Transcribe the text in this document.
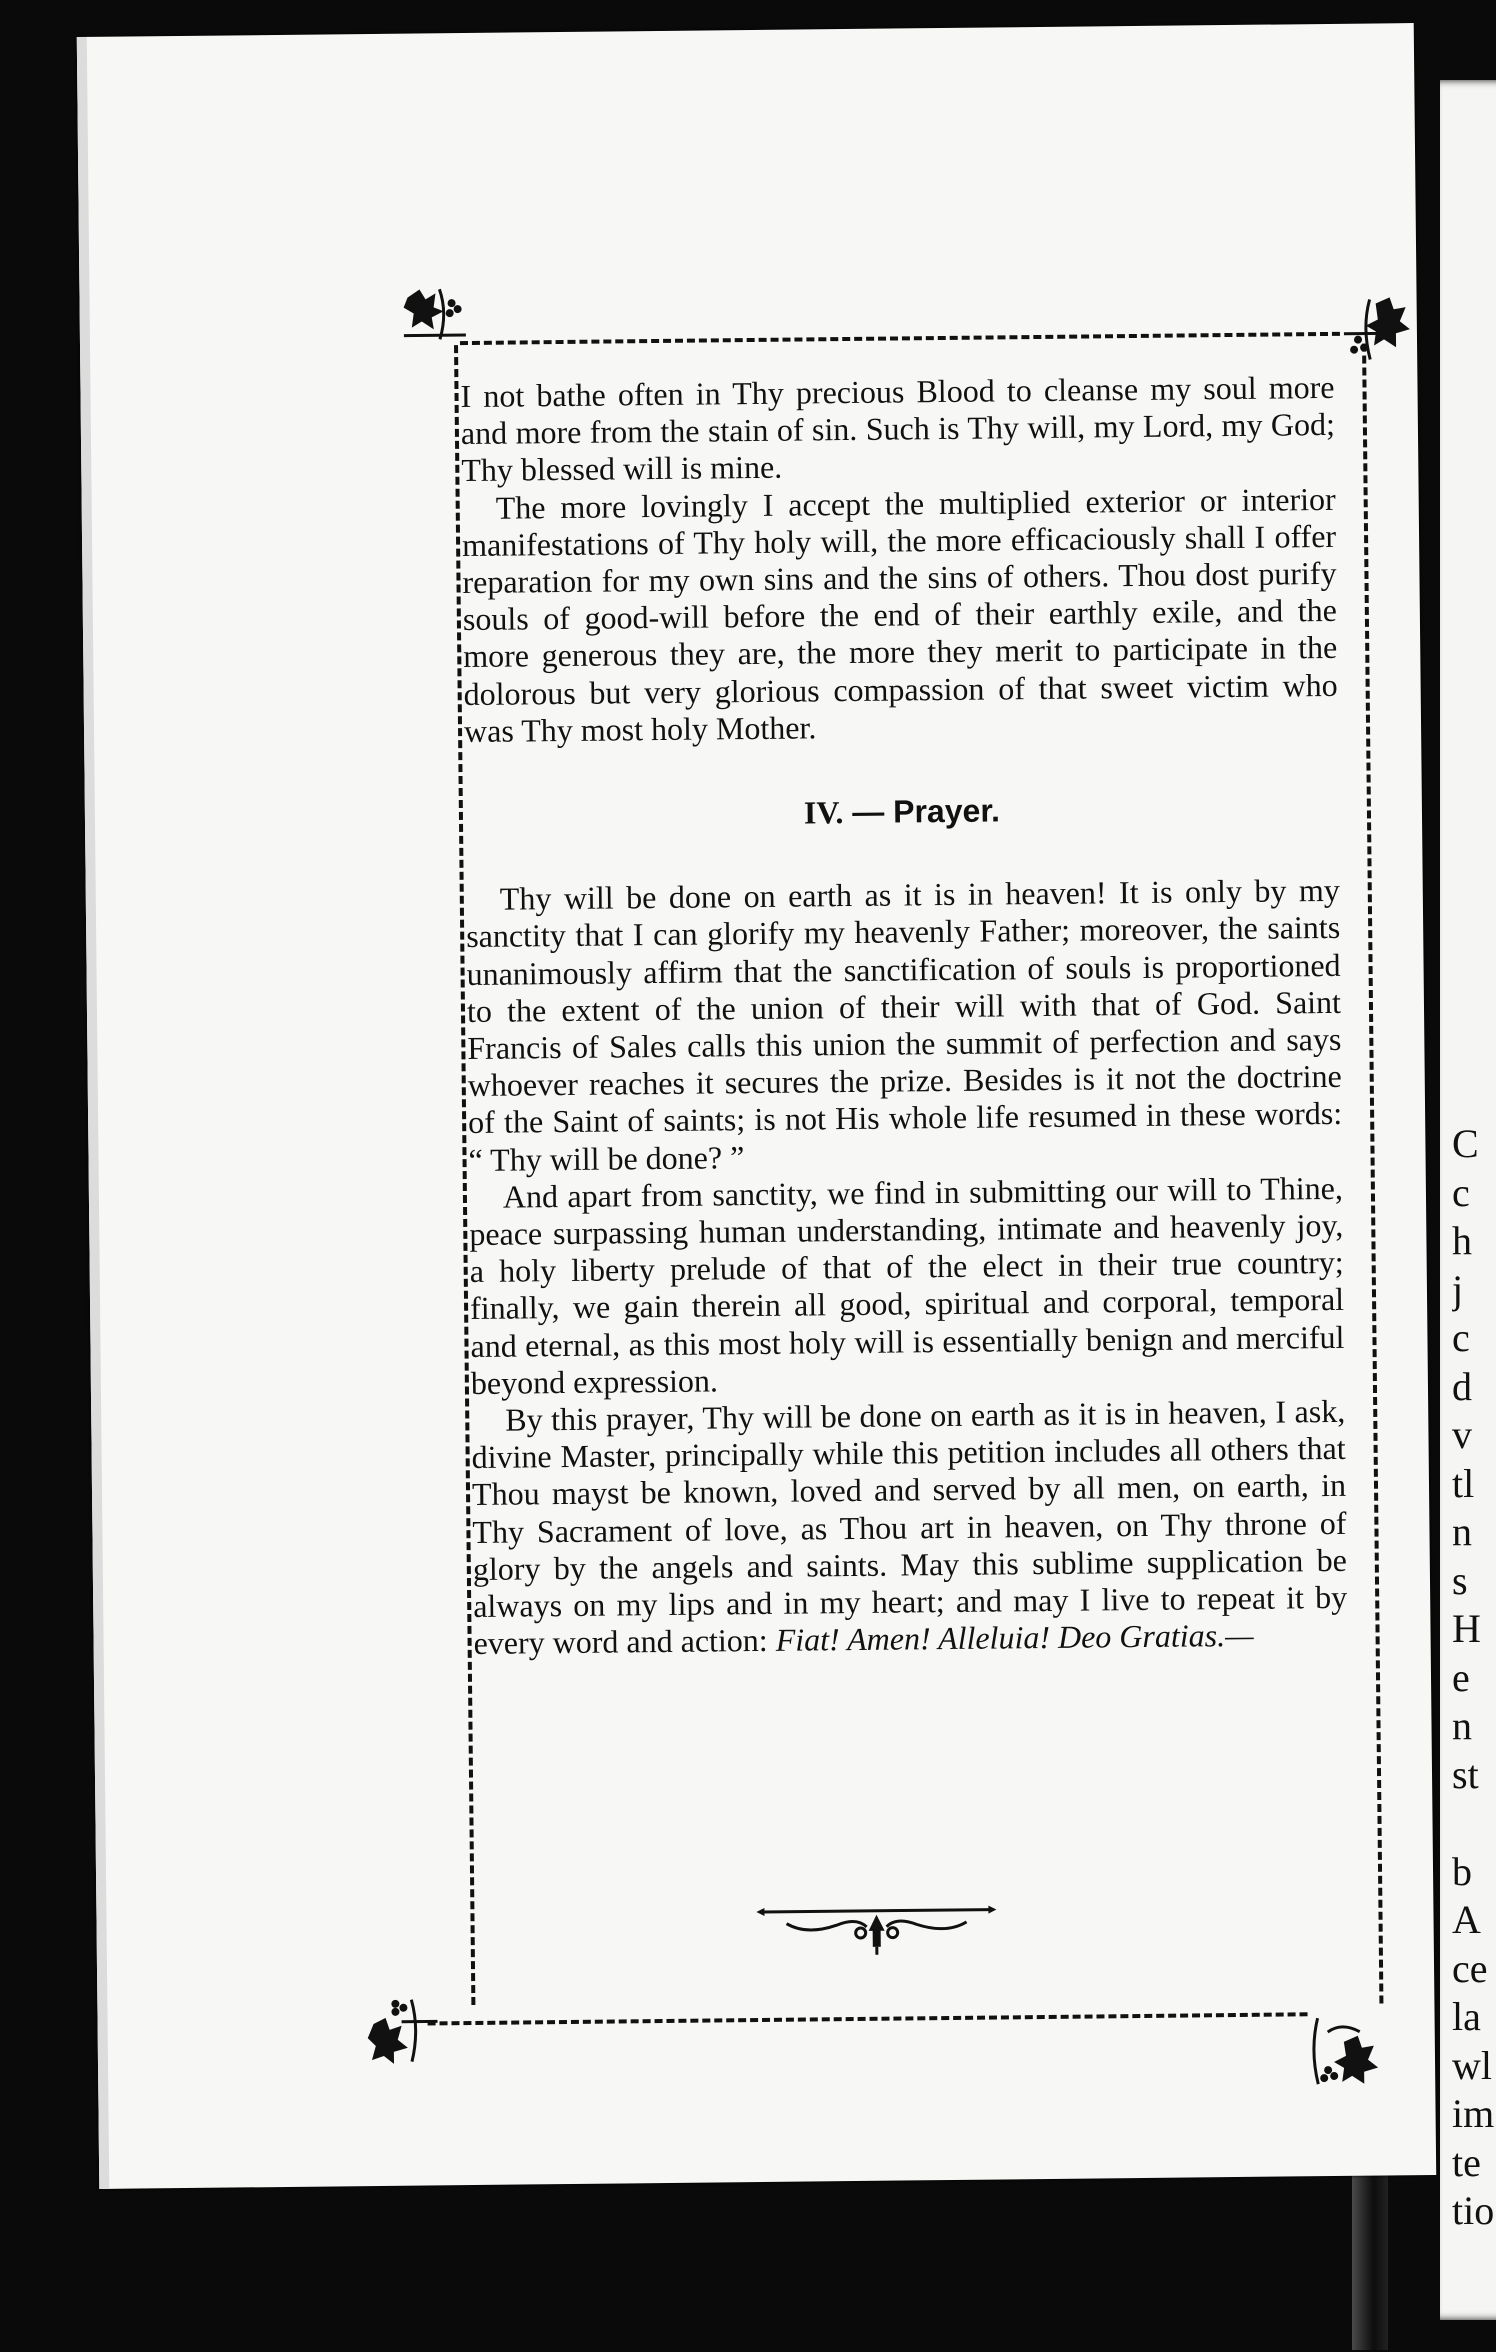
C
c
h
j
c
d
v
tl
n
s
H
e
n
st
b
A
ce
la
wl
im
te
tio

I not bathe often in Thy precious Blood to cleanse my soul more and more from the stain of sin. Such is Thy will, my Lord, my God; Thy blessed will is mine.

The more lovingly I accept the multiplied exterior or interior manifestations of Thy holy will, the more efficaciously shall I offer reparation for my own sins and the sins of others. Thou dost purify souls of good-will before the end of their earthly exile, and the more generous they are, the more they merit to participate in the dolorous but very glorious compassion of that sweet victim who was Thy most holy Mother.

IV. — Prayer.

Thy will be done on earth as it is in heaven! It is only by my sanctity that I can glorify my heavenly Father; moreover, the saints unanimously affirm that the sanctification of souls is proportioned to the extent of the union of their will with that of God. Saint Francis of Sales calls this union the summit of perfection and says whoever reaches it secures the prize. Besides is it not the doctrine of the Saint of saints; is not His whole life resumed in these words: “ Thy will be done? ”

And apart from sanctity, we find in submitting our will to Thine, peace surpassing human understanding, intimate and heavenly joy, a holy liberty prelude of that of the elect in their true country; finally, we gain therein all good, spiritual and corporal, temporal and eternal, as this most holy will is essentially benign and merciful beyond expression.

By this prayer, Thy will be done on earth as it is in heaven, I ask, divine Master, principally while this petition includes all others that Thou mayst be known, loved and served by all men, on earth, in Thy Sacrament of love, as Thou art in heaven, on Thy throne of glory by the angels and saints. May this sublime supplication be always on my lips and in my heart; and may I live to repeat it by every word and action: Fiat! Amen! Alleluia! Deo Gratias.—
